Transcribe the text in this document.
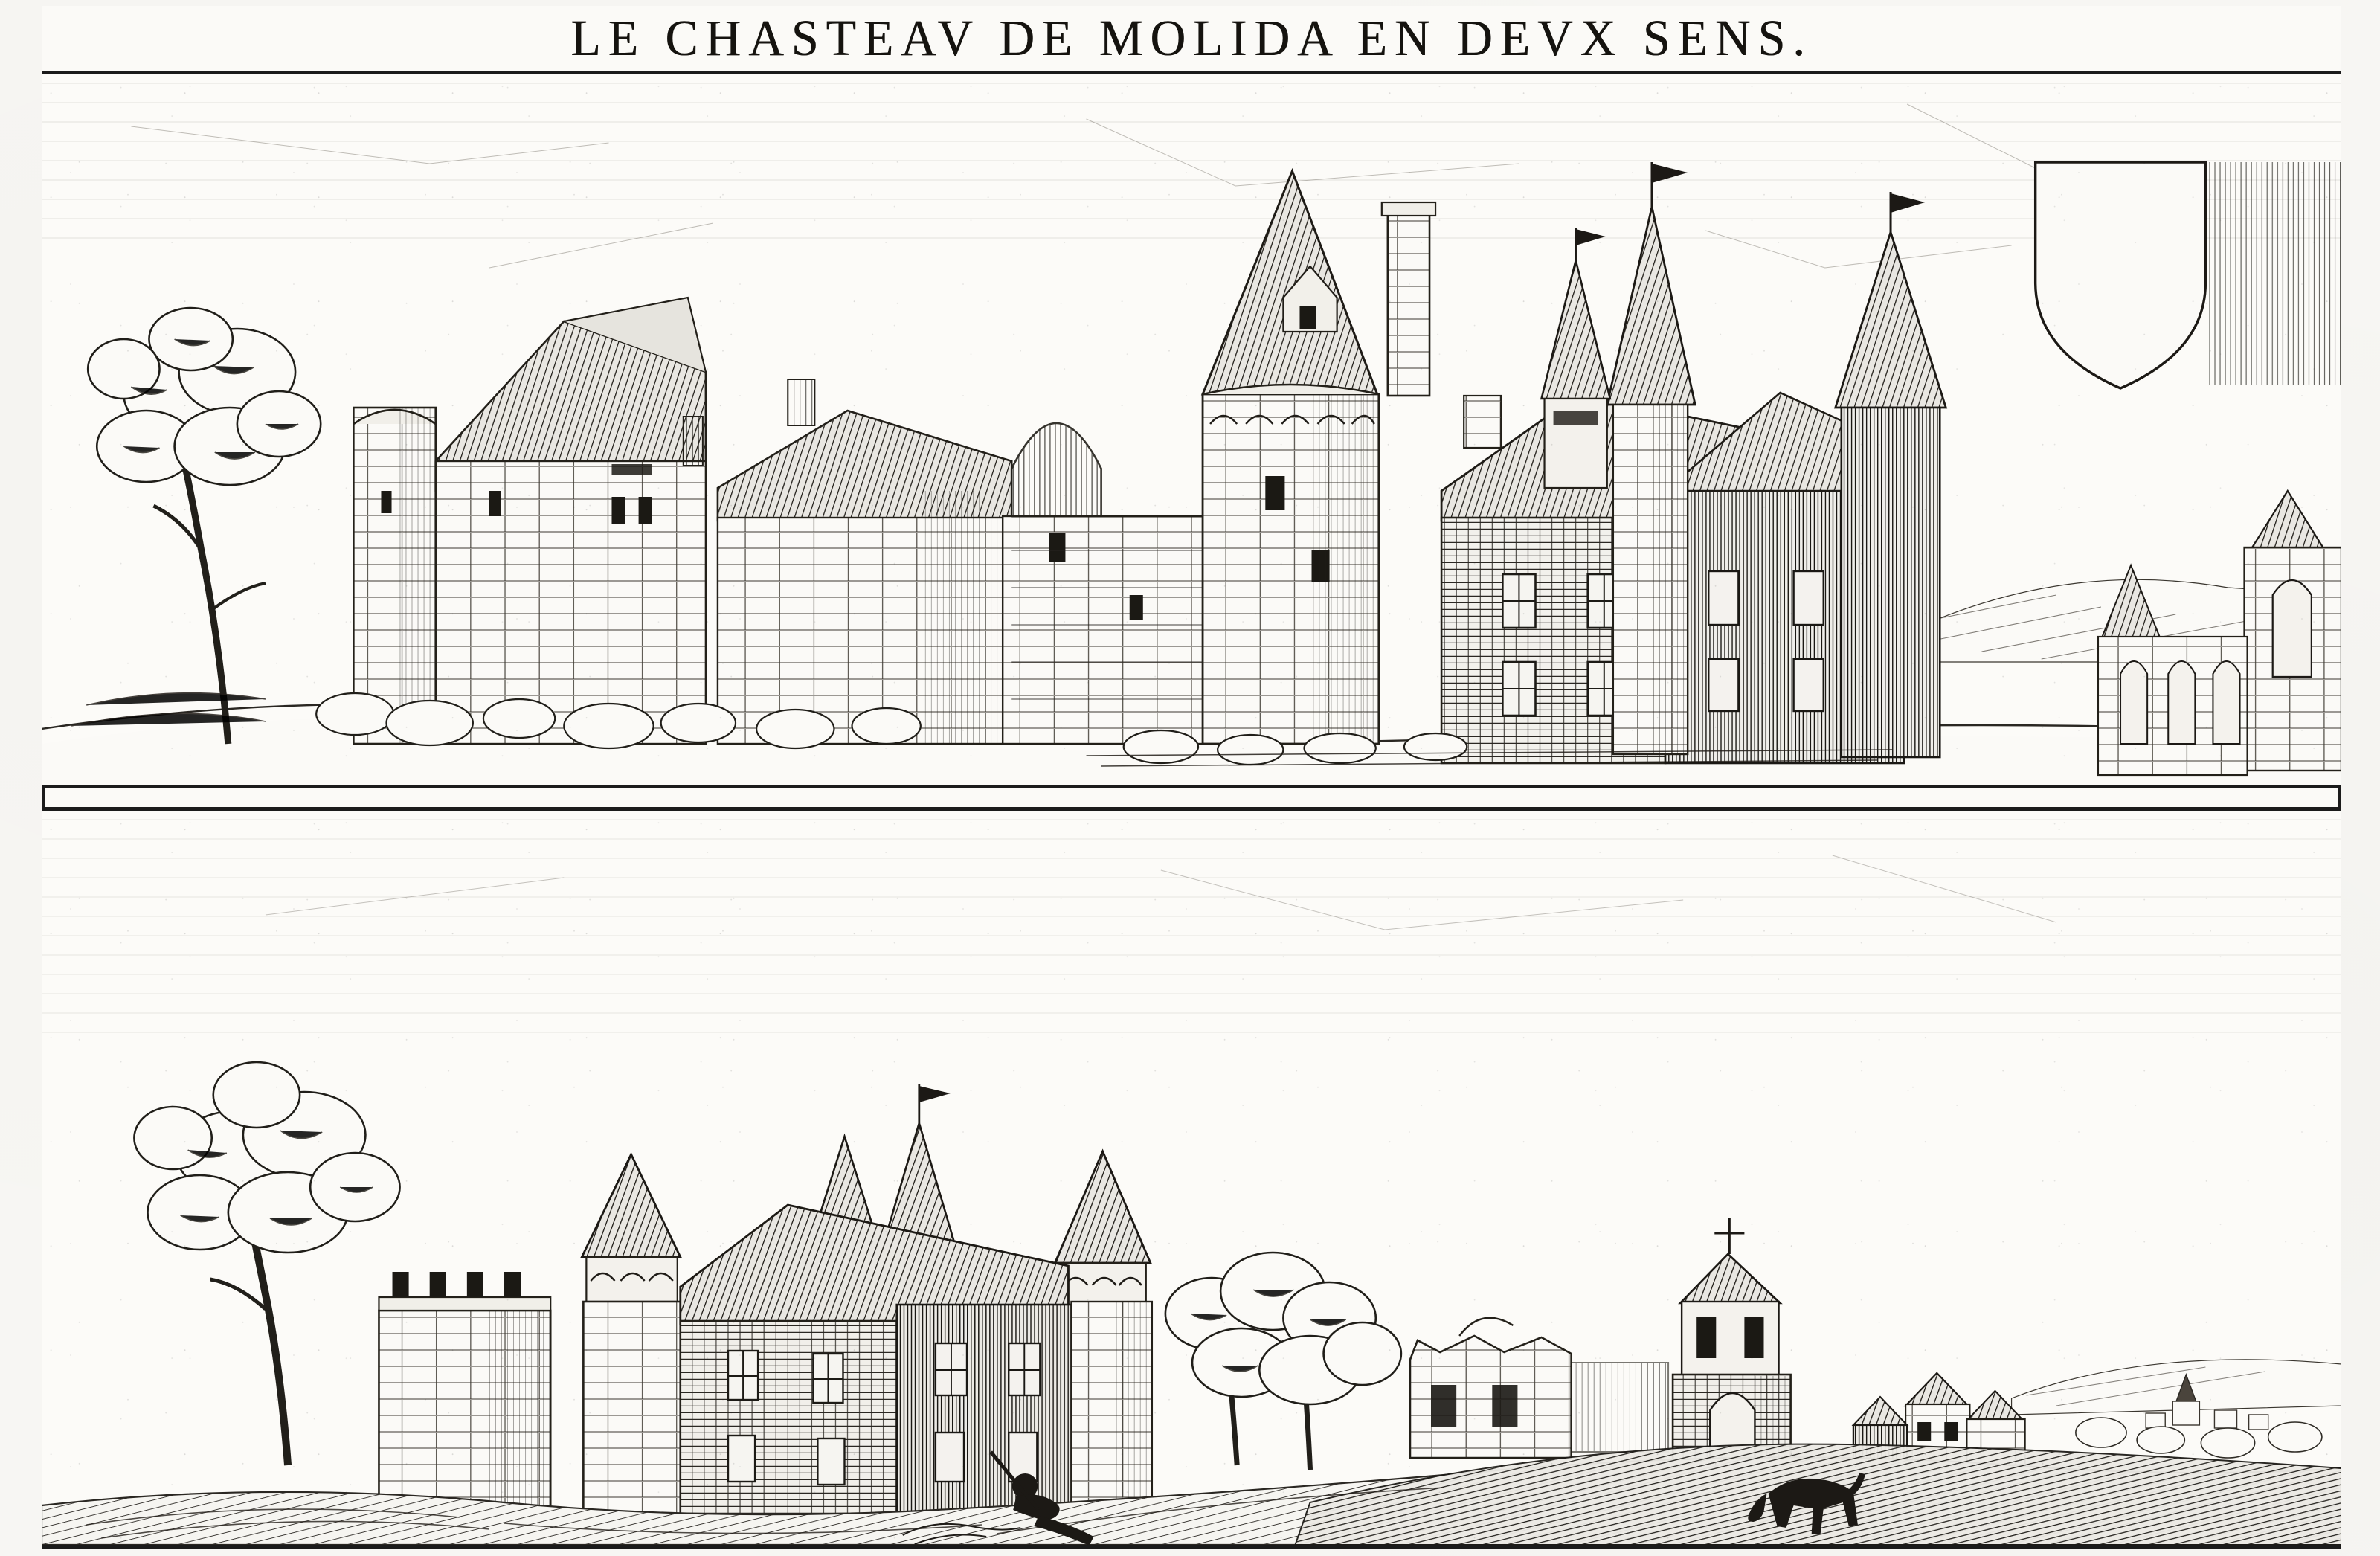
LE CHASTEAV DE MOLIDA EN DEVX SENS.
